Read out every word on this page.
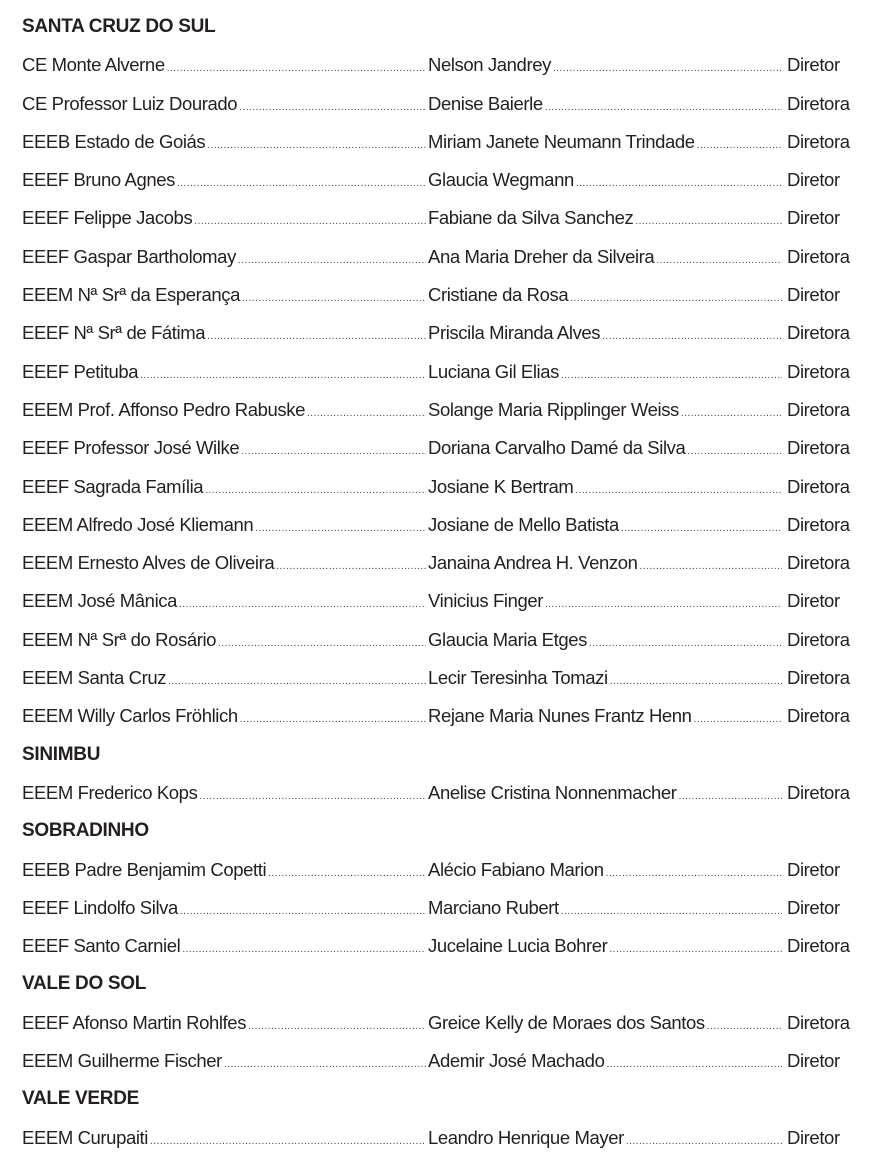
SANTA CRUZ DO SUL
CE Monte Alverne .....	Nelson Jandrey .....	Diretor
CE Professor Luiz Dourado .....	Denise Baierle .....	Diretora
EEEB Estado de Goiás .....	Miriam Janete Neumann Trindade .....	Diretora
EEEF Bruno Agnes .....	Glaucia Wegmann .....	Diretor
EEEF Felippe Jacobs .....	Fabiane da Silva Sanchez .....	Diretor
EEEF Gaspar Bartholomay .....	Ana Maria Dreher da Silveira .....	Diretora
EEEM Nª Srª da Esperança .....	Cristiane da Rosa .....	Diretor
EEEF Nª Srª de Fátima .....	Priscila Miranda Alves .....	Diretora
EEEF Petituba .....	Luciana Gil Elias .....	Diretora
EEEM Prof. Affonso Pedro Rabuske .....	Solange Maria Ripplinger Weiss .....	Diretora
EEEF Professor José Wilke .....	Doriana Carvalho Damé da Silva .....	Diretora
EEEF Sagrada Família .....	Josiane K Bertram .....	Diretora
EEEM Alfredo José Kliemann .....	Josiane de Mello Batista .....	Diretora
EEEM Ernesto Alves de Oliveira .....	Janaina Andrea H. Venzon .....	Diretora
EEEM José Mânica .....	Vinicius Finger .....	Diretor
EEEM Nª Srª do Rosário .....	Glaucia Maria Etges .....	Diretora
EEEM Santa Cruz .....	Lecir Teresinha Tomazi .....	Diretora
EEEM Willy Carlos Fröhlich .....	Rejane Maria Nunes Frantz Henn .....	Diretora
SINIMBU
EEEM Frederico Kops .....	Anelise Cristina Nonnenmacher .....	Diretora
SOBRADINHO
EEEB Padre Benjamim Copetti .....	Alécio Fabiano Marion .....	Diretor
EEEF Lindolfo Silva .....	Marciano Rubert .....	Diretor
EEEF Santo Carniel .....	Jucelaine Lucia Bohrer .....	Diretora
VALE DO SOL
EEEF Afonso Martin Rohlfes .....	Greice Kelly de Moraes dos Santos .....	Diretora
EEEM Guilherme Fischer .....	Ademir José Machado .....	Diretor
VALE VERDE
EEEM Curupaiti .....	Leandro Henrique Mayer .....	Diretor
